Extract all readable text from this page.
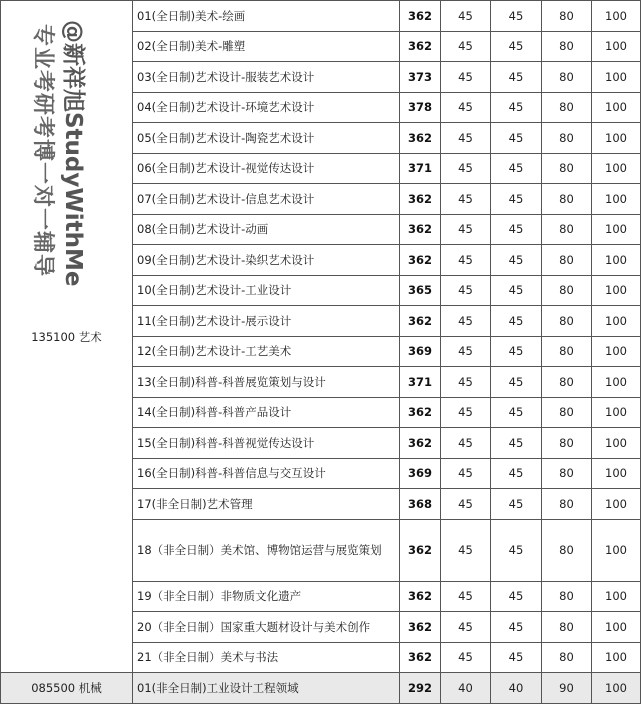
135100 艺术	01(全日制)美术-绘画	362	45	45	80	100
	02(全日制)美术-雕塑	362	45	45	80	100
	03(全日制)艺术设计-服装艺术设计	373	45	45	80	100
	04(全日制)艺术设计-环境艺术设计	378	45	45	80	100
	05(全日制)艺术设计-陶瓷艺术设计	362	45	45	80	100
	06(全日制)艺术设计-视觉传达设计	371	45	45	80	100
	07(全日制)艺术设计-信息艺术设计	362	45	45	80	100
	08(全日制)艺术设计-动画	362	45	45	80	100
	09(全日制)艺术设计-染织艺术设计	362	45	45	80	100
	10(全日制)艺术设计-工业设计	365	45	45	80	100
	11(全日制)艺术设计-展示设计	362	45	45	80	100
	12(全日制)艺术设计-工艺美术	369	45	45	80	100
	13(全日制)科普-科普展览策划与设计	371	45	45	80	100
	14(全日制)科普-科普产品设计	362	45	45	80	100
	15(全日制)科普-科普视觉传达设计	362	45	45	80	100
	16(全日制)科普-科普信息与交互设计	369	45	45	80	100
	17(非全日制)艺术管理	368	45	45	80	100
	18（非全日制）美术馆、博物馆运营与展览策划	362	45	45	80	100
	19（非全日制）非物质文化遗产	362	45	45	80	100
	20（非全日制）国家重大题材设计与美术创作	362	45	45	80	100
	21（非全日制）美术与书法	362	45	45	80	100
085500 机械	01(非全日制)工业设计工程领域	292	40	40	90	100
@新祥旭StudyWithMe
专业考研考博一对一辅导
